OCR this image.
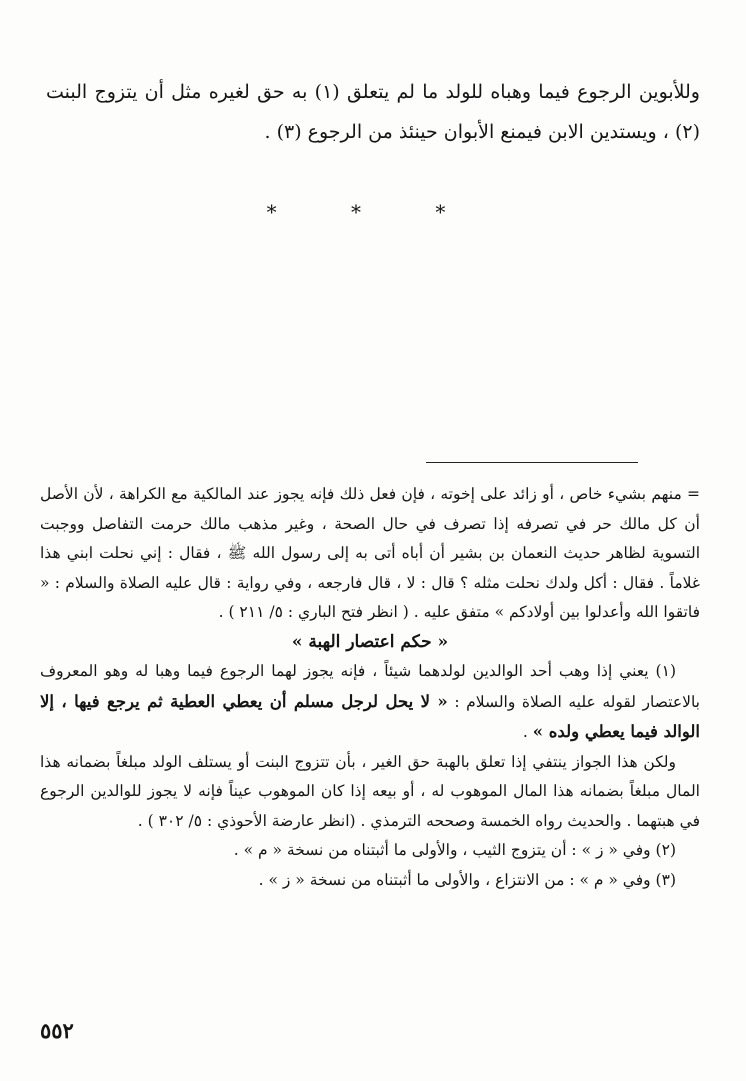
وللأبوين الرجوع فيما وهباه للولد ما لم يتعلق (١) به حق لغيره مثل أن يتزوج البنت (٢) ، ويستدين الابن فيمنع الأبوان حينئذ من الرجوع (٣) .

* * *

= منهم بشيء خاص ، أو زائد على إخوته ، فإن فعل ذلك فإنه يجوز عند المالكية مع الكراهة ، لأن الأصل أن كل مالك حر في تصرفه إذا تصرف في حال الصحة ، وغير مذهب مالك حرمت التفاصل ووجبت التسوية لظاهر حديث النعمان بن بشير أن أباه أتى به إلى رسول الله ﷺ ، فقال : إني نحلت ابني هذا غلاماً . فقال : أكل ولدك نحلت مثله ؟ قال : لا ، قال فارجعه ، وفي رواية : قال عليه الصلاة والسلام : « فاتقوا الله وأعدلوا بين أولادكم » متفق عليه . ( انظر فتح الباري : ٥/ ٢١١ ) .

« حكم اعتصار الهبة »

(١) يعني إذا وهب أحد الوالدين لولدهما شيئاً ، فإنه يجوز لهما الرجوع فيما وهبا له وهو المعروف بالاعتصار لقوله عليه الصلاة والسلام : « لا يحل لرجل مسلم أن يعطي العطية ثم يرجع فيها ، إلا الوالد فيما يعطي ولده » .

ولكن هذا الجواز ينتفي إذا تعلق بالهبة حق الغير ، بأن تتزوج البنت أو يستلف الولد مبلغاً بضمانه هذا المال مبلغاً بضمانه هذا المال الموهوب له ، أو بيعه إذا كان الموهوب عيناً فإنه لا يجوز للوالدين الرجوع في هبتهما . والحديث رواه الخمسة وصححه الترمذي . (انظر عارضة الأحوذي : ٥/ ٣٠٢ ) .

(٢) وفي « ز » : أن يتزوج الثيب ، والأولى ما أثبتناه من نسخة « م » .

(٣) وفي « م » : من الانتزاع ، والأولى ما أثبتناه من نسخة « ز » .

٥٥٢
